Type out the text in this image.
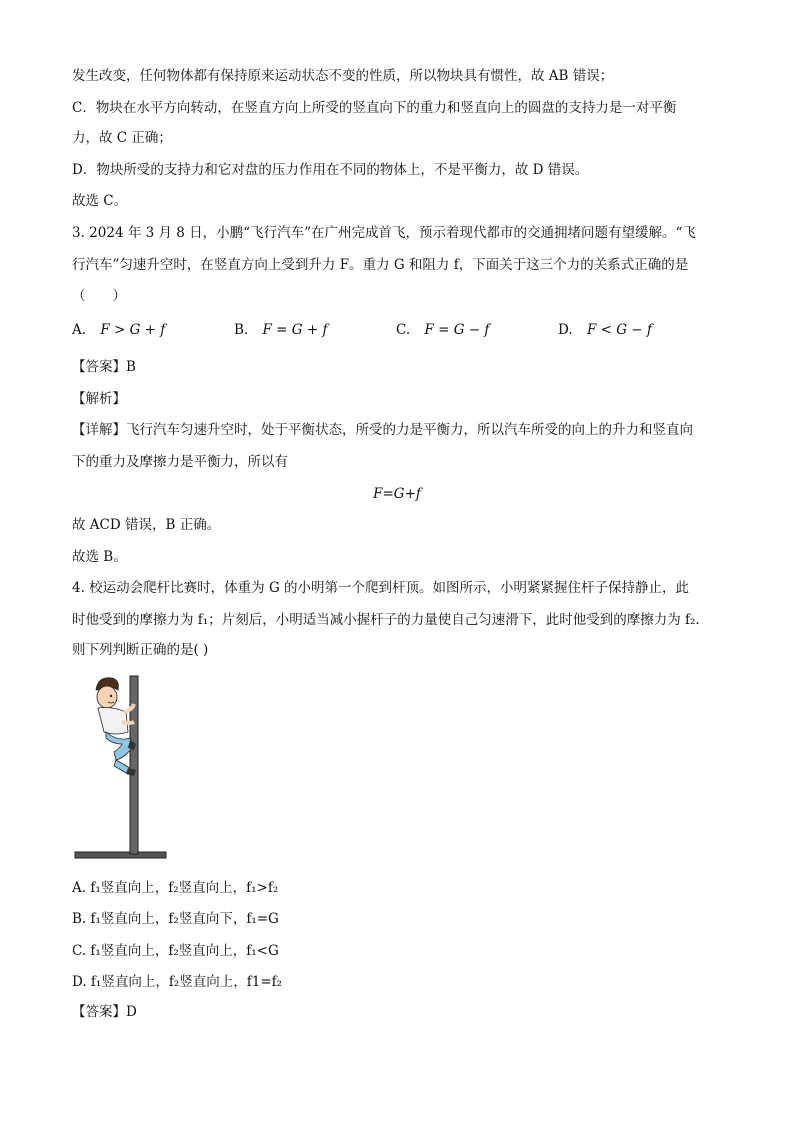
发生改变，任何物体都有保持原来运动状态不变的性质，所以物块具有惯性，故 AB 错误；
C．物块在水平方向转动，在竖直方向上所受的竖直向下的重力和竖直向上的圆盘的支持力是一对平衡
力，故 C 正确；
D．物块所受的支持力和它对盘的压力作用在不同的物体上，不是平衡力，故 D 错误。
故选 C。
3. 2024 年 3 月 8 日，小鹏“飞行汽车”在广州完成首飞，预示着现代都市的交通拥堵问题有望缓解。“飞
行汽车”匀速升空时，在竖直方向上受到升力 F。重力 G 和阻力 f，下面关于这三个力的关系式正确的是
（　　）
A. F > G + f	B. F = G + f	C. F = G − f	D. F < G − f
【答案】B
【解析】
【详解】飞行汽车匀速升空时，处于平衡状态，所受的力是平衡力，所以汽车所受的向上的升力和竖直向
下的重力及摩擦力是平衡力，所以有
F=G+f
故 ACD 错误，B 正确。
故选 B。
4. 校运动会爬杆比赛时，体重为 G 的小明第一个爬到杆顶。如图所示，小明紧紧握住杆子保持静止，此
时他受到的摩擦力为 f₁；片刻后，小明适当减小握杆子的力量使自己匀速滑下，此时他受到的摩擦力为 f₂.
则下列判断正确的是( )
A. f₁竖直向上，f₂竖直向上，f₁>f₂
B. f₁竖直向上，f₂竖直向下，f₁=G
C. f₁竖直向上，f₂竖直向上，f₁<G
D. f₁竖直向上，f₂竖直向上，f1=f₂
【答案】D
